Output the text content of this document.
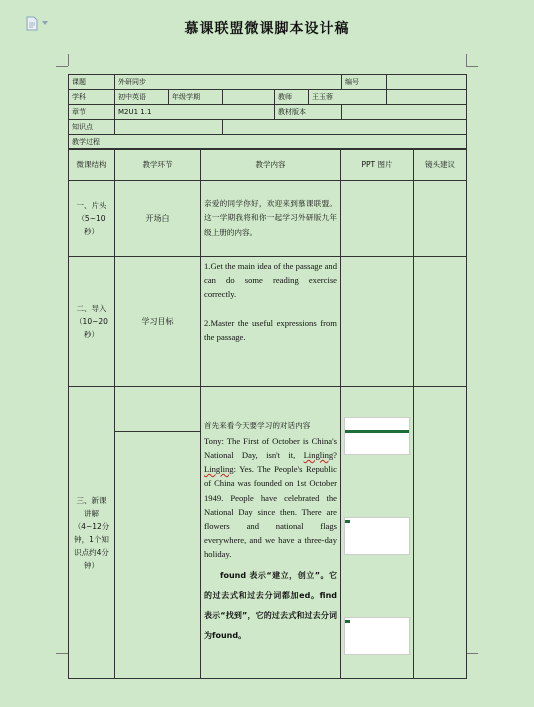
慕课联盟微课脚本设计稿
课题	外研同步					编号	
学科	初中英语	年级学期		教师	王玉蓉		
章节	M2U1 1.1			教材版本			
知识点							
教学过程							
微课结构	教学环节	教学内容	PPT 图片	镜头建议
一、片头（5~10秒）	开场白	亲爱的同学你好，欢迎来到慕课联盟。这一学期我将和你一起学习外研版九年级上册的内容。		
二、导入（10~20秒）	学习目标	1.Get the main idea of the passage and can do some reading exercise correctly.
2.Master the useful expressions from the passage.		

三、新课讲解（4~12分钟，1个知识点约4分钟）		首先来看今天要学习的对话内容
Tony: The First of October is China's National Day, isn't it, Lingling? Lingling: Yes. The People's Republic of China was founded on 1st October 1949. People have celebrated the National Day since then. There are flowers and national flags everywhere, and we have a three-day holiday.
found 表示“建立，创立”。它的过去式和过去分词都加ed。find 表示“找到”，它的过去式和过去分词为found。		
